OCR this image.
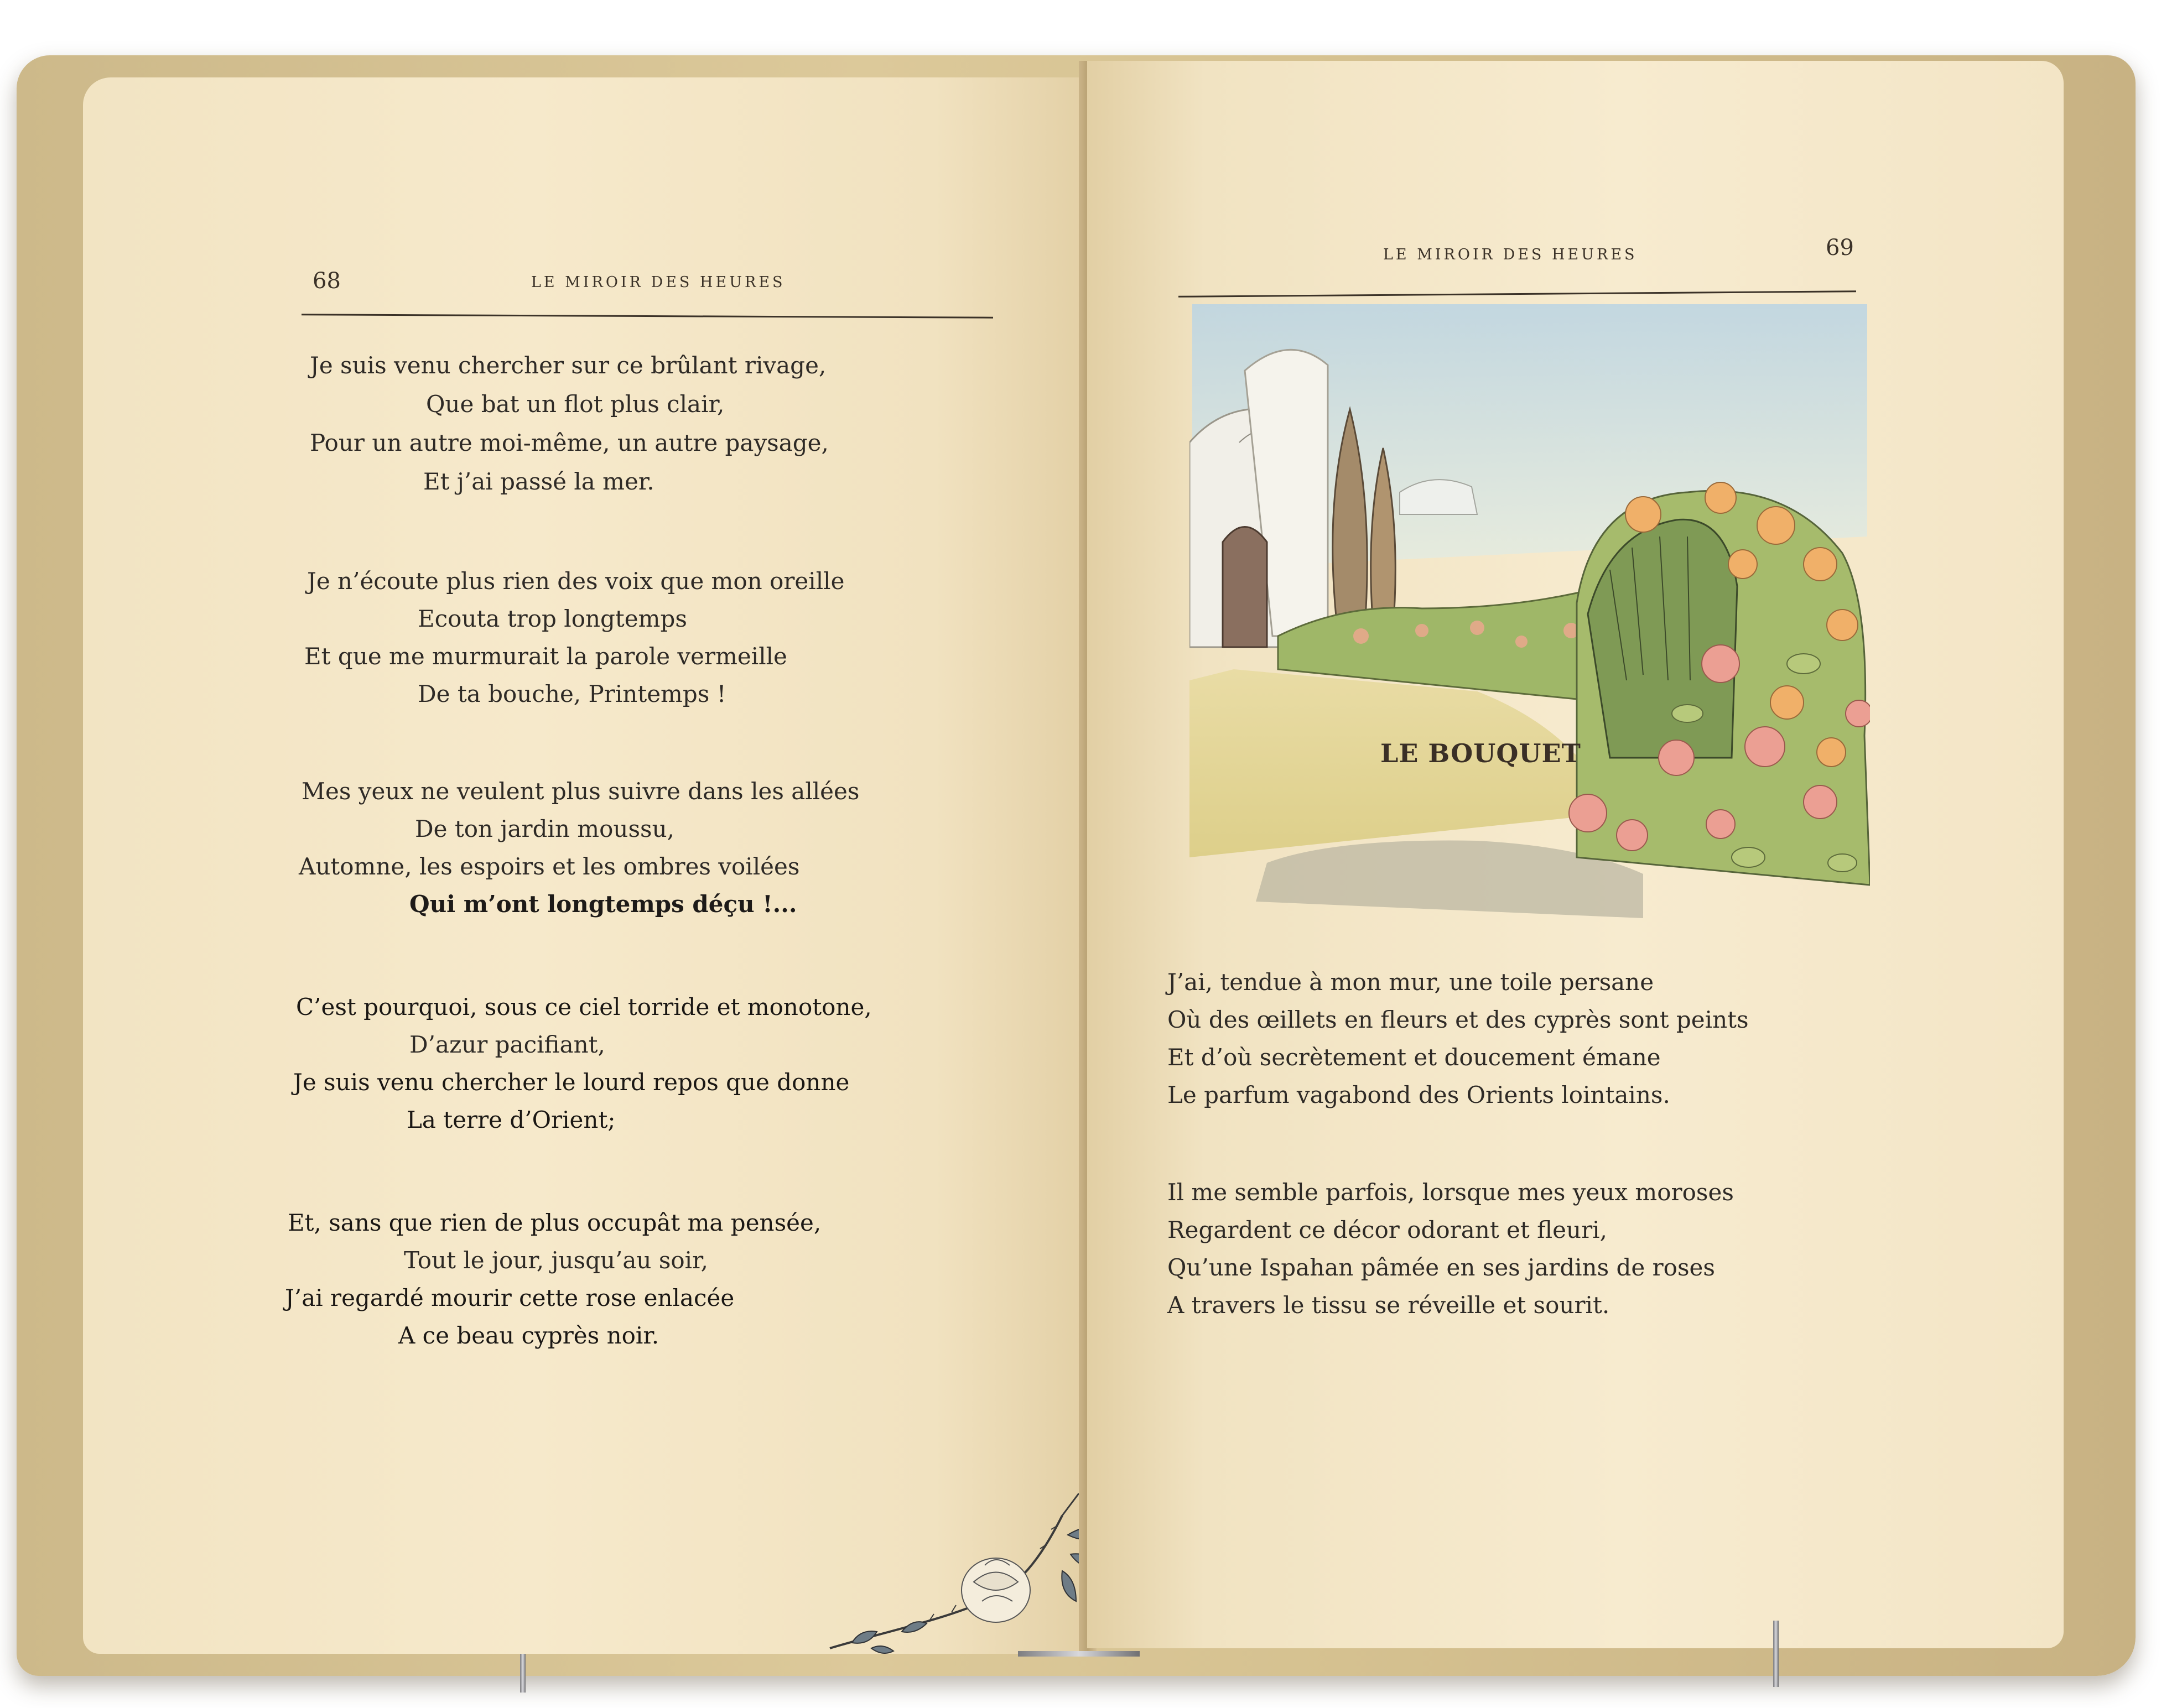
68	LE MIROIR DES HEURES
Je suis venu chercher sur ce brûlant rivage,
Que bat un flot plus clair,
Pour un autre moi-même, un autre paysage,
Et j’ai passé la mer.
Je n’écoute plus rien des voix que mon oreille
Ecouta trop longtemps
Et que me murmurait la parole vermeille
De ta bouche, Printemps !
Mes yeux ne veulent plus suivre dans les allées
De ton jardin moussu,
Automne, les espoirs et les ombres voilées
Qui m’ont longtemps déçu !...
C’est pourquoi, sous ce ciel torride et monotone,
D’azur pacifiant,
Je suis venu chercher le lourd repos que donne
La terre d’Orient;
Et, sans que rien de plus occupât ma pensée,
Tout le jour, jusqu’au soir,
J’ai regardé mourir cette rose enlacée
A ce beau cyprès noir.
LE MIROIR DES HEURES	69
LE BOUQUET
J’ai, tendue à mon mur, une toile persane
Où des œillets en fleurs et des cyprès sont peints
Et d’où secrètement et doucement émane
Le parfum vagabond des Orients lointains.
Il me semble parfois, lorsque mes yeux moroses
Regardent ce décor odorant et fleuri,
Qu’une Ispahan pâmée en ses jardins de roses
A travers le tissu se réveille et sourit.
